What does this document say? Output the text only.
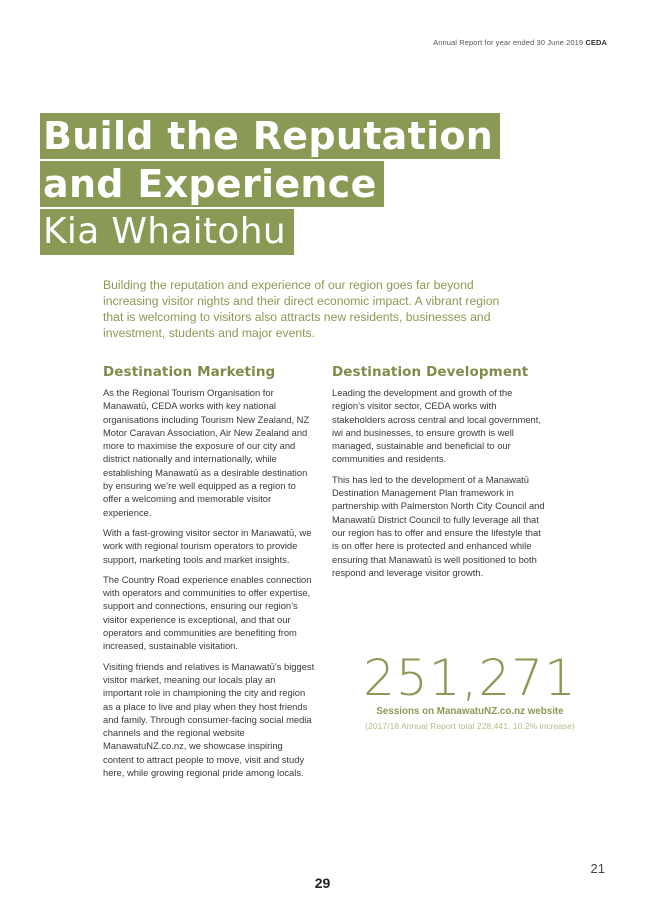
Annual Report for year ended 30 June 2019 CEDA
Build the Reputation
and Experience
Kia Whaitohu

Building the reputation and experience of our region goes far beyond increasing visitor nights and their direct economic impact. A vibrant region that is welcoming to visitors also attracts new residents, businesses and investment, students and major events.

Destination Marketing

As the Regional Tourism Organisation for Manawatū, CEDA works with key national organisations including Tourism New Zealand, NZ Motor Caravan Association, Air New Zealand and more to maximise the exposure of our city and district nationally and internationally, while establishing Manawatū as a desirable destination by ensuring we’re well equipped as a region to offer a welcoming and memorable visitor experience.

With a fast-growing visitor sector in Manawatū, we work with regional tourism operators to provide support, marketing tools and market insights.

The Country Road experience enables connection with operators and communities to offer expertise, support and connections, ensuring our region’s visitor experience is exceptional, and that our operators and communities are benefiting from increased, sustainable visitation.

Visiting friends and relatives is Manawatū’s biggest visitor market, meaning our locals play an important role in championing the city and region as a place to live and play when they host friends and family. Through consumer-facing social media channels and the regional website ManawatuNZ.co.nz, we showcase inspiring content to attract people to move, visit and study here, while growing regional pride among locals.

Destination Development

Leading the development and growth of the region’s visitor sector, CEDA works with stakeholders across central and local government, iwi and businesses, to ensure growth is well managed, sustainable and beneficial to our communities and residents.

This has led to the development of a Manawatū Destination Management Plan framework in partnership with Palmerston North City Council and Manawatū District Council to fully leverage all that our region has to offer and ensure the lifestyle that is on offer here is protected and enhanced while ensuring that Manawatū is well positioned to both respond and leverage visitor growth.

251,271
Sessions on ManawatuNZ.co.nz website
(2017/18 Annual Report total 228,441; 10.2% increase)
21
29
